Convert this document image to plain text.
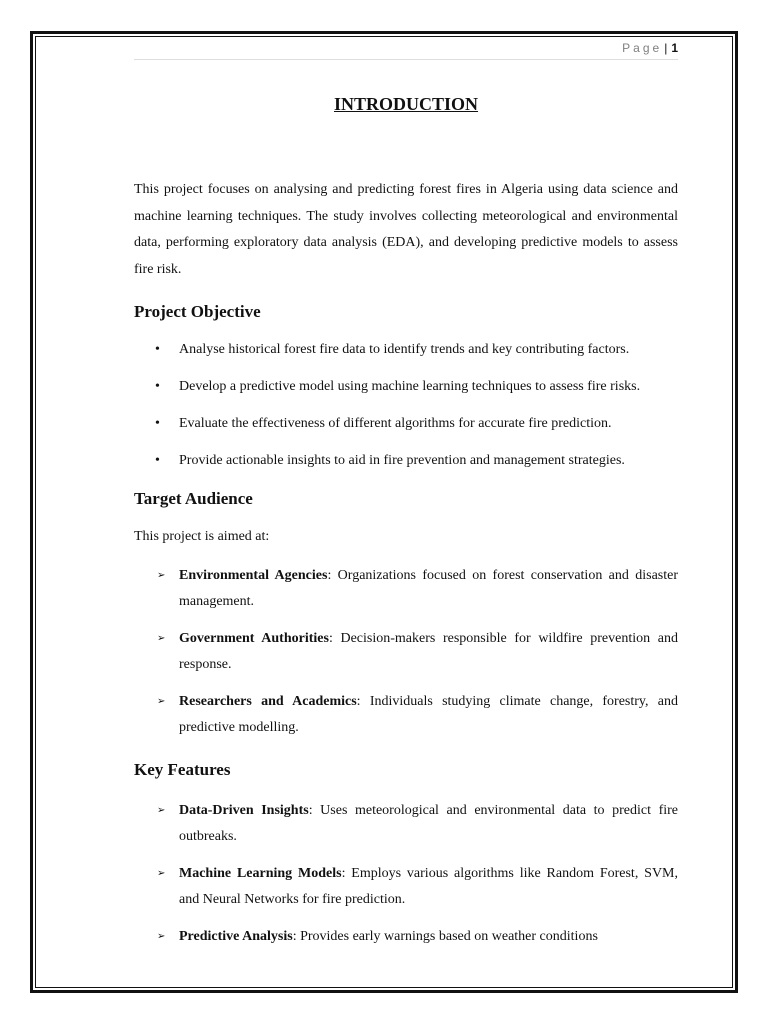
Page | 1
INTRODUCTION

This project focuses on analysing and predicting forest fires in Algeria using data science and machine learning techniques. The study involves collecting meteorological and environmental data, performing exploratory data analysis (EDA), and developing predictive models to assess fire risk.

Project Objective
• Analyse historical forest fire data to identify trends and key contributing factors.
• Develop a predictive model using machine learning techniques to assess fire risks.
• Evaluate the effectiveness of different algorithms for accurate fire prediction.
• Provide actionable insights to aid in fire prevention and management strategies.
Target Audience

This project is aimed at:

➢ Environmental Agencies: Organizations focused on forest conservation and disaster management.
➢ Government Authorities: Decision-makers responsible for wildfire prevention and response.
➢ Researchers and Academics: Individuals studying climate change, forestry, and predictive modelling.
Key Features
➢ Data-Driven Insights: Uses meteorological and environmental data to predict fire outbreaks.
➢ Machine Learning Models: Employs various algorithms like Random Forest, SVM, and Neural Networks for fire prediction.
➢ Predictive Analysis: Provides early warnings based on weather conditions
